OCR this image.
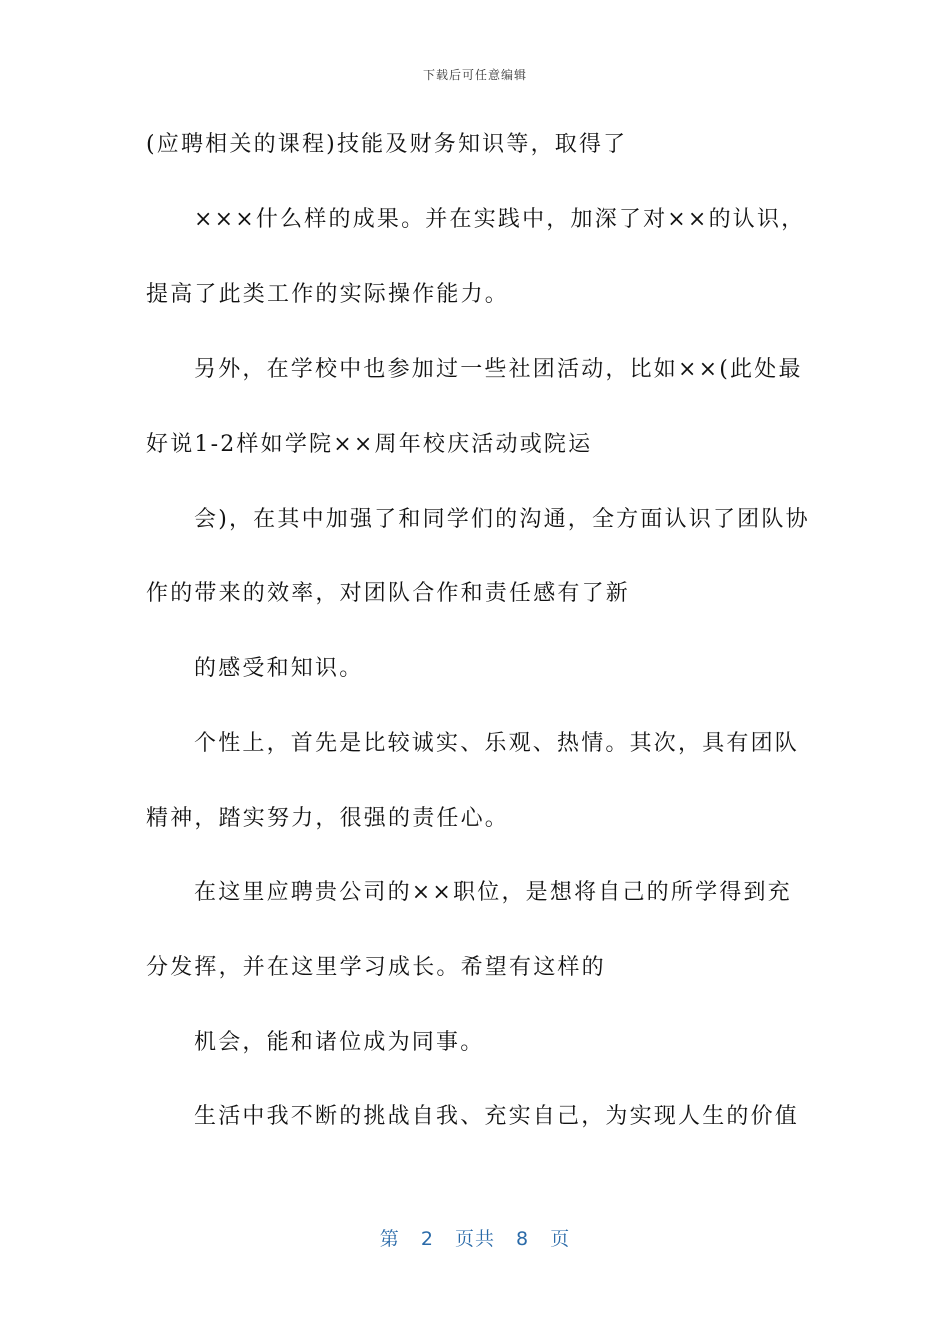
下载后可任意编辑
(应聘相关的课程)技能及财务知识等，取得了
×××什么样的成果。并在实践中，加深了对××的认识，
提高了此类工作的实际操作能力。
另外，在学校中也参加过一些社团活动，比如××(此处最
好说1-2样如学院××周年校庆活动或院运
会)，在其中加强了和同学们的沟通，全方面认识了团队协
作的带来的效率，对团队合作和责任感有了新
的感受和知识。
个性上，首先是比较诚实、乐观、热情。其次，具有团队
精神，踏实努力，很强的责任心。
在这里应聘贵公司的××职位，是想将自己的所学得到充
分发挥，并在这里学习成长。希望有这样的
机会，能和诸位成为同事。
生活中我不断的挑战自我、充实自己，为实现人生的价值
第 2 页共 8 页
